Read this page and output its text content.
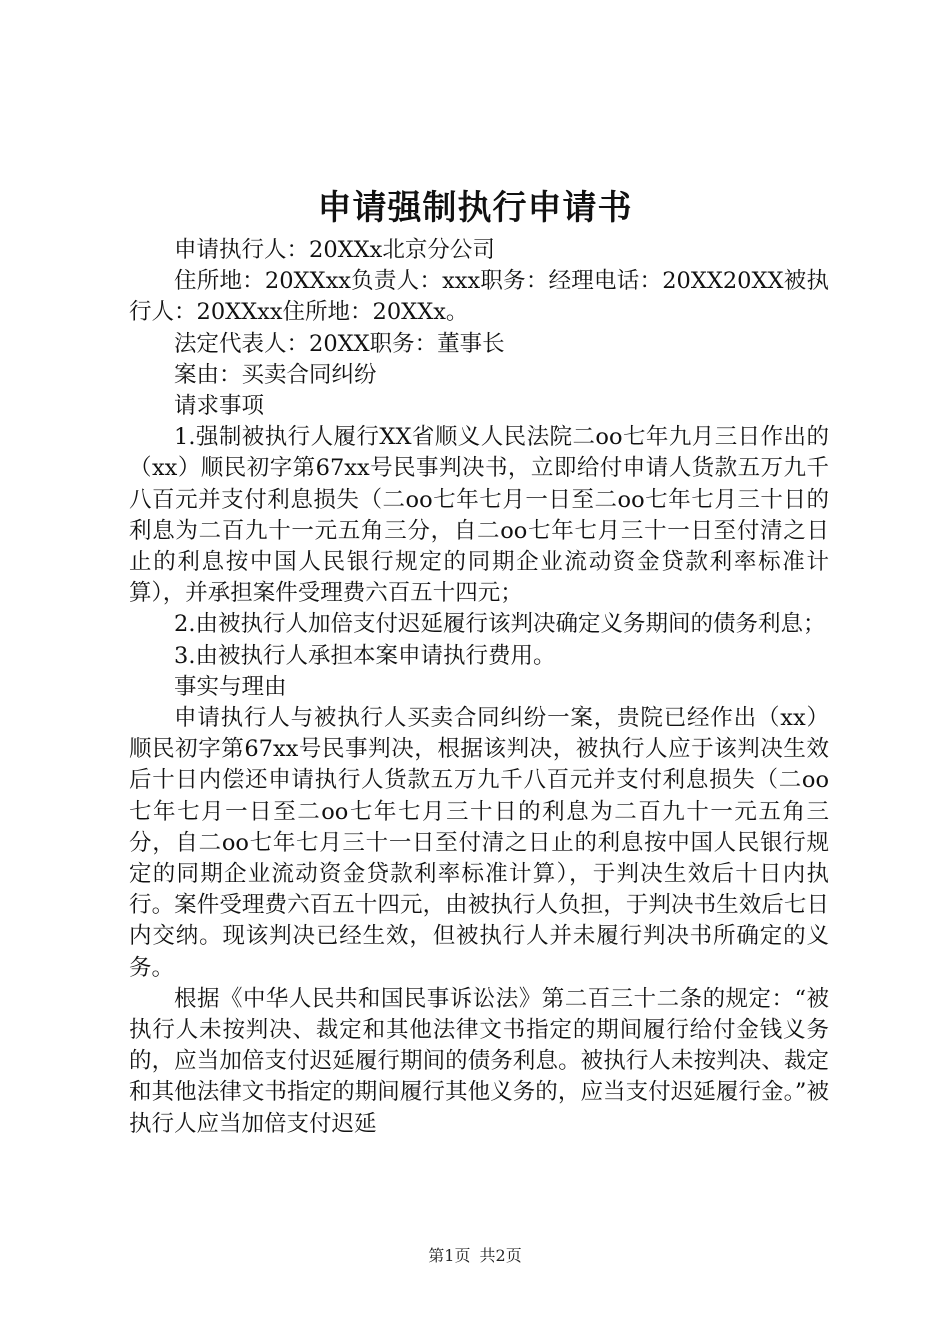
申请强制执行申请书

申请执行人：20XXx北京分公司

住所地：20XXxx负责人：xxx职务：经理电话：20XX20XX被执行人：20XXxx住所地：20XXx。

法定代表人：20XX职务：董事长

案由：买卖合同纠纷

请求事项

1.强制被执行人履行XX省顺义人民法院二oo七年九月三日作出的（xx）顺民初字第67xx号民事判决书，立即给付申请人货款五万九千八百元并支付利息损失（二oo七年七月一日至二oo七年七月三十日的利息为二百九十一元五角三分，自二oo七年七月三十一日至付清之日止的利息按中国人民银行规定的同期企业流动资金贷款利率标准计算），并承担案件受理费六百五十四元；

2.由被执行人加倍支付迟延履行该判决确定义务期间的债务利息；

3.由被执行人承担本案申请执行费用。

事实与理由

申请执行人与被执行人买卖合同纠纷一案，贵院已经作出（xx）顺民初字第67xx号民事判决，根据该判决，被执行人应于该判决生效后十日内偿还申请执行人货款五万九千八百元并支付利息损失（二oo七年七月一日至二oo七年七月三十日的利息为二百九十一元五角三分，自二oo七年七月三十一日至付清之日止的利息按中国人民银行规定的同期企业流动资金贷款利率标准计算），于判决生效后十日内执行。案件受理费六百五十四元，由被执行人负担，于判决书生效后七日内交纳。现该判决已经生效，但被执行人并未履行判决书所确定的义务。

根据《中华人民共和国民事诉讼法》第二百三十二条的规定：“被执行人未按判决、裁定和其他法律文书指定的期间履行给付金钱义务的，应当加倍支付迟延履行期间的债务利息。被执行人未按判决、裁定和其他法律文书指定的期间履行其他义务的，应当支付迟延履行金。”被执行人应当加倍支付迟延

第1页 共2页
